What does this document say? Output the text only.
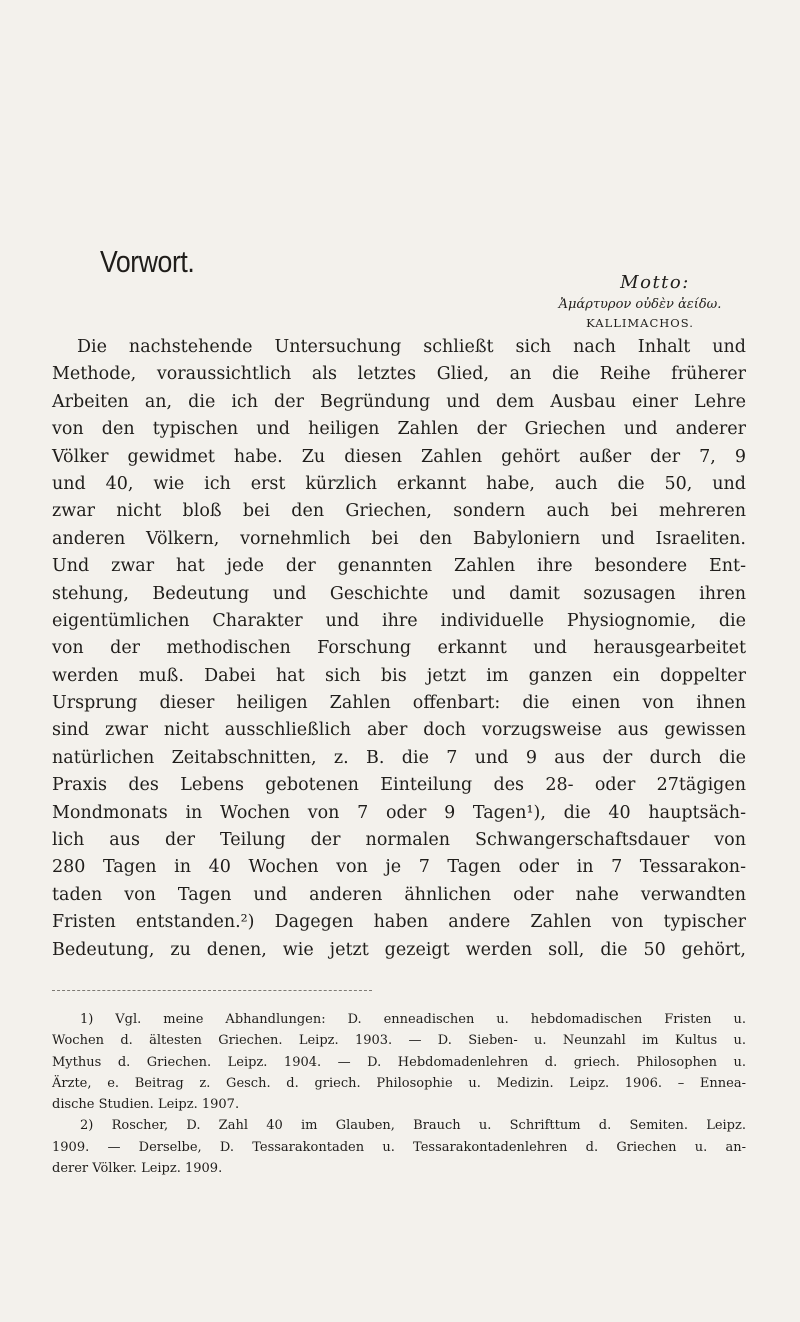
Vorwort.
Motto:
Ἀμάρτυρον οὐδὲν ἀείδω.
KALLIMACHOS.
Die nachstehende Untersuchung schließt sich nach Inhalt und
Methode, voraussichtlich als letztes Glied, an die Reihe früherer
Arbeiten an, die ich der Begründung und dem Ausbau einer Lehre
von den typischen und heiligen Zahlen der Griechen und anderer
Völker gewidmet habe. Zu diesen Zahlen gehört außer der 7, 9
und 40, wie ich erst kürzlich erkannt habe, auch die 50, und
zwar nicht bloß bei den Griechen, sondern auch bei mehreren
anderen Völkern, vornehmlich bei den Babyloniern und Israeliten.
Und zwar hat jede der genannten Zahlen ihre besondere Ent-
stehung, Bedeutung und Geschichte und damit sozusagen ihren
eigentümlichen Charakter und ihre individuelle Physiognomie, die
von der methodischen Forschung erkannt und herausgearbeitet
werden muß. Dabei hat sich bis jetzt im ganzen ein doppelter
Ursprung dieser heiligen Zahlen offenbart: die einen von ihnen
sind zwar nicht ausschließlich aber doch vorzugsweise aus gewissen
natürlichen Zeitabschnitten, z. B. die 7 und 9 aus der durch die
Praxis des Lebens gebotenen Einteilung des 28- oder 27tägigen
Mondmonats in Wochen von 7 oder 9 Tagen¹), die 40 hauptsäch-
lich aus der Teilung der normalen Schwangerschaftsdauer von
280 Tagen in 40 Wochen von je 7 Tagen oder in 7 Tessarakon-
taden von Tagen und anderen ähnlichen oder nahe verwandten
Fristen entstanden.²) Dagegen haben andere Zahlen von typischer
Bedeutung, zu denen, wie jetzt gezeigt werden soll, die 50 gehört,
1) Vgl. meine Abhandlungen: D. enneadischen u. hebdomadischen Fristen u.
Wochen d. ältesten Griechen. Leipz. 1903. — D. Sieben- u. Neunzahl im Kultus u.
Mythus d. Griechen. Leipz. 1904. — D. Hebdomadenlehren d. griech. Philosophen u.
Ärzte, e. Beitrag z. Gesch. d. griech. Philosophie u. Medizin. Leipz. 1906. – Ennea-
dische Studien. Leipz. 1907.
2) Roscher, D. Zahl 40 im Glauben, Brauch u. Schrifttum d. Semiten. Leipz.
1909. — Derselbe, D. Tessarakontaden u. Tessarakontadenlehren d. Griechen u. an-
derer Völker. Leipz. 1909.
